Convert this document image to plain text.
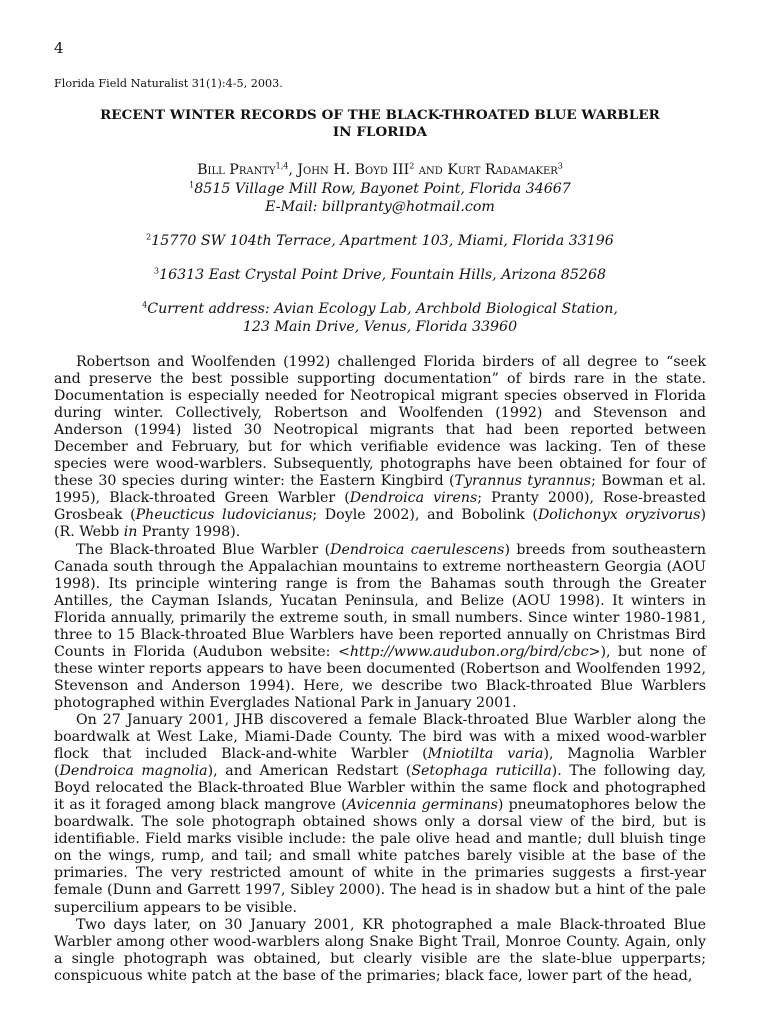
4
Florida Field Naturalist 31(1):4-5, 2003.
RECENT WINTER RECORDS OF THE BLACK-THROATED BLUE WARBLER
IN FLORIDA
Bill Pranty$^{1,4}$, John H. Boyd III$^2$ and Kurt Radamaker$^3$
$^1$8515 Village Mill Row, Bayonet Point, Florida 34667
E-Mail: billpranty@hotmail.com
$^2$15770 SW 104th Terrace, Apartment 103, Miami, Florida 33196
$^3$16313 East Crystal Point Drive, Fountain Hills, Arizona 85268
$^4$Current address: Avian Ecology Lab, Archbold Biological Station,
123 Main Drive, Venus, Florida 33960

Robertson and Woolfenden (1992) challenged Florida birders of all degree to “seek and preserve the best possible supporting documentation” of birds rare in the state. Documentation is especially needed for Neotropical migrant species observed in Florida during winter. Collectively, Robertson and Woolfenden (1992) and Stevenson and Anderson (1994) listed 30 Neotropical migrants that had been reported between December and February, but for which verifiable evidence was lacking. Ten of these species were wood-warblers. Subsequently, photographs have been obtained for four of these 30 species during winter: the Eastern Kingbird (Tyrannus tyrannus; Bowman et al. 1995), Black-throated Green Warbler (Dendroica virens; Pranty 2000), Rose-breasted Grosbeak (Pheucticus ludovicianus; Doyle 2002), and Bobolink (Dolichonyx oryzivorus) (R. Webb in Pranty 1998).

The Black-throated Blue Warbler (Dendroica caerulescens) breeds from southeastern Canada south through the Appalachian mountains to extreme northeastern Georgia (AOU 1998). Its principle wintering range is from the Bahamas south through the Greater Antilles, the Cayman Islands, Yucatan Peninsula, and Belize (AOU 1998). It winters in Florida annually, primarily the extreme south, in small numbers. Since winter 1980-1981, three to 15 Black-throated Blue Warblers have been reported annually on Christmas Bird Counts in Florida (Audubon website: <http://www.audubon.org/bird/cbc>), but none of these winter reports appears to have been documented (Robertson and Woolfenden 1992, Stevenson and Anderson 1994). Here, we describe two Black-throated Blue Warblers photographed within Everglades National Park in January 2001.

On 27 January 2001, JHB discovered a female Black-throated Blue Warbler along the boardwalk at West Lake, Miami-Dade County. The bird was with a mixed wood-warbler flock that included Black-and-white Warbler (Mniotilta varia), Magnolia Warbler (Dendroica magnolia), and American Redstart (Setophaga ruticilla). The following day, Boyd relocated the Black-throated Blue Warbler within the same flock and photographed it as it foraged among black mangrove (Avicennia germinans) pneumatophores below the boardwalk. The sole photograph obtained shows only a dorsal view of the bird, but is identifiable. Field marks visible include: the pale olive head and mantle; dull bluish tinge on the wings, rump, and tail; and small white patches barely visible at the base of the primaries. The very restricted amount of white in the primaries suggests a first-year female (Dunn and Garrett 1997, Sibley 2000). The head is in shadow but a hint of the pale supercilium appears to be visible.

Two days later, on 30 January 2001, KR photographed a male Black-throated Blue Warbler among other wood-warblers along Snake Bight Trail, Monroe County. Again, only a single photograph was obtained, but clearly visible are the slate-blue upperparts; conspicuous white patch at the base of the primaries; black face, lower part of the head,
